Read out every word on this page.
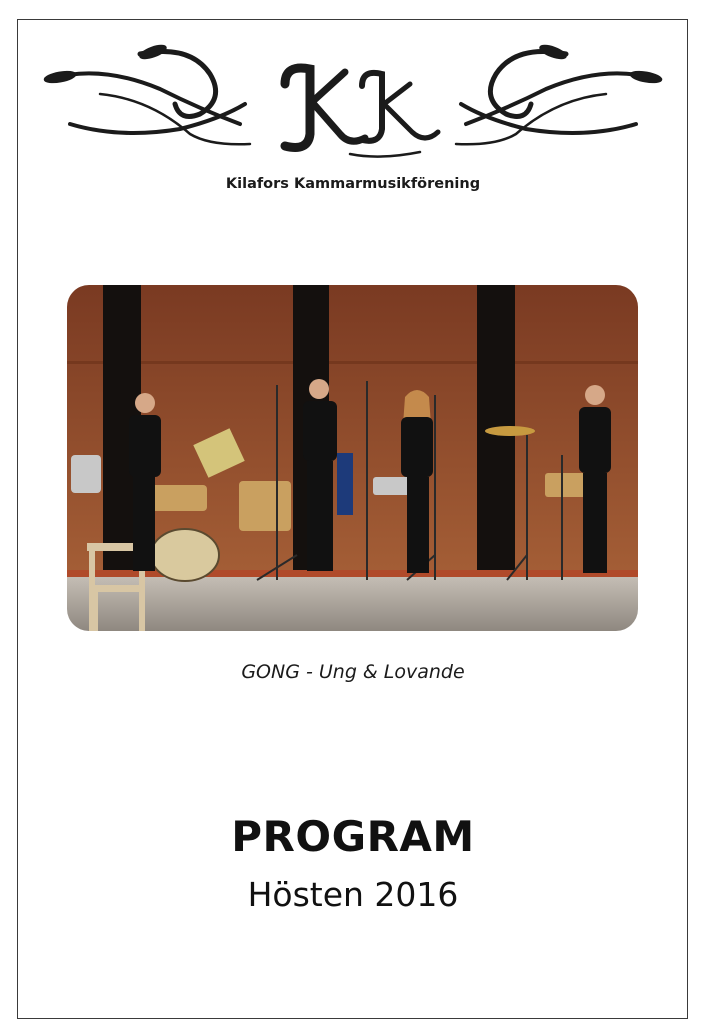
Kilafors Kammarmusikförening
GONG - Ung & Lovande
PROGRAM
Hösten 2016
